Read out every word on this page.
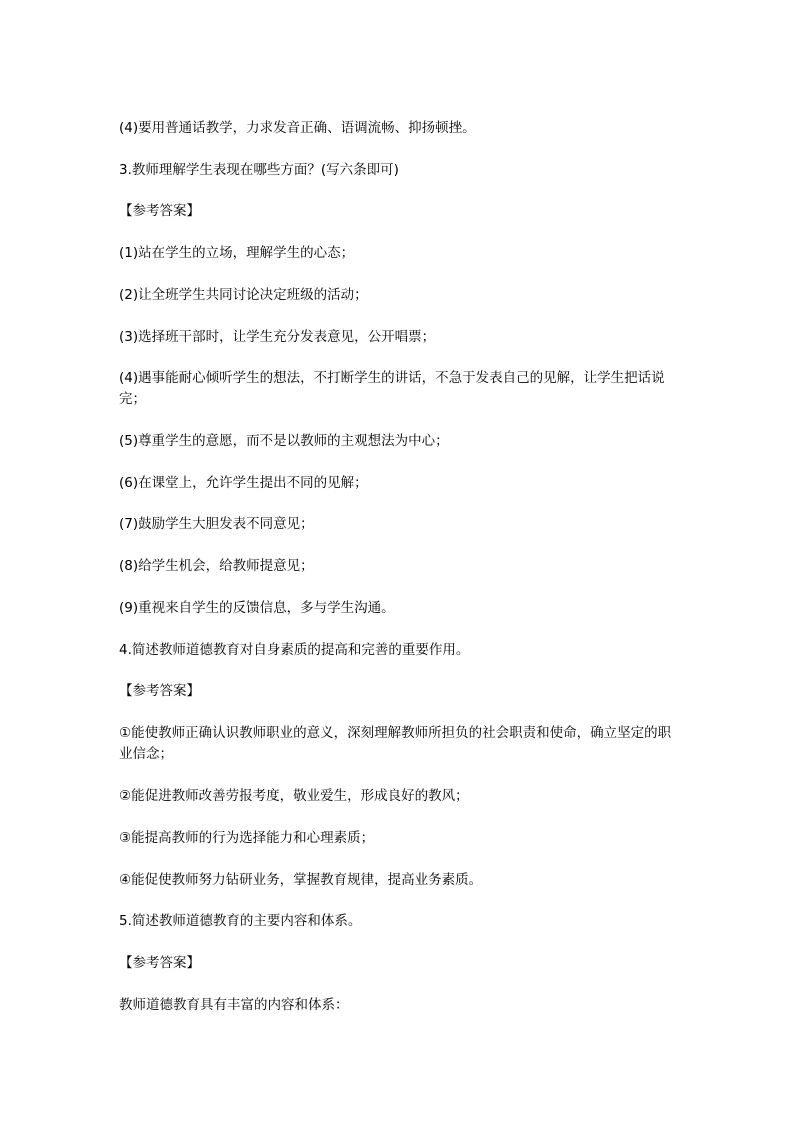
(4)要用普通话教学，力求发音正确、语调流畅、抑扬顿挫。
3.教师理解学生表现在哪些方面？(写六条即可)
【参考答案】
(1)站在学生的立场，理解学生的心态；
(2)让全班学生共同讨论决定班级的活动；
(3)选择班干部时，让学生充分发表意见，公开唱票；
(4)遇事能耐心倾听学生的想法，不打断学生的讲话，不急于发表自己的见解，让学生把话说完；
(5)尊重学生的意愿，而不是以教师的主观想法为中心；
(6)在课堂上，允许学生提出不同的见解；
(7)鼓励学生大胆发表不同意见；
(8)给学生机会，给教师提意见；
(9)重视来自学生的反馈信息，多与学生沟通。
4.简述教师道德教育对自身素质的提高和完善的重要作用。
【参考答案】
①能使教师正确认识教师职业的意义，深刻理解教师所担负的社会职责和使命，确立坚定的职业信念；
②能促进教师改善劳报考度，敬业爱生，形成良好的教风；
③能提高教师的行为选择能力和心理素质；
④能促使教师努力钻研业务，掌握教育规律，提高业务素质。
5.简述教师道德教育的主要内容和体系。
【参考答案】
教师道德教育具有丰富的内容和体系：
